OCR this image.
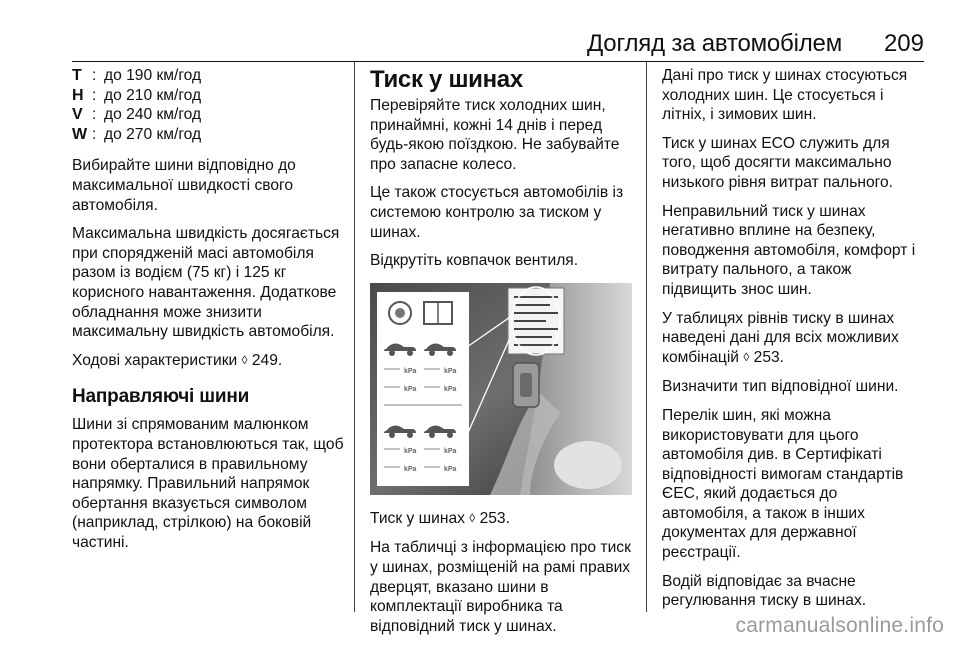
Догляд за автомобілем 209
T : до 190 км/год
H : до 210 км/год
V : до 240 км/год
W : до 270 км/год

Вибирайте шини відповідно до максимальної швидкості свого автомобіля.

Максимальна швидкість досягається при спорядженій масі автомобіля разом із водієм (75 кг) і 125 кг корисного навантаження. Додаткове обладнання може знизити максимальну швидкість автомобіля.

Ходові характеристики ◊ 249.

Направляючі шини

Шини зі спрямованим малюнком протектора встановлюються так, щоб вони оберталися в правильному напрямку. Правильний напрямок обертання вказується символом (наприклад, стрілкою) на боковій частині.

Тиск у шинах

Перевіряйте тиск холодних шин, принаймні, кожні 14 днів і перед будь-якою поїздкою. Не забувайте про запасне колесо.

Це також стосується автомобілів із системою контролю за тиском у шинах.

Відкрутіть ковпачок вентиля.

kPa	kPa
kPa	kPa
kPa	kPa
kPa	kPa

Тиск у шинах ◊ 253.

На табличці з інформацією про тиск у шинах, розміщеній на рамі правих дверцят, вказано шини в комплектації виробника та відповідний тиск у шинах.

Дані про тиск у шинах стосуються холодних шин. Це стосується і літніх, і зимових шин.

Тиск у шинах ECO служить для того, щоб досягти максимально низького рівня витрат пального.

Неправильний тиск у шинах негативно вплине на безпеку, поводження автомобіля, комфорт і витрату пального, а також підвищить знос шин.

У таблицях рівнів тиску в шинах наведені дані для всіх можливих комбінацій ◊ 253.

Визначити тип відповідної шини.

Перелік шин, які можна використовувати для цього автомобіля див. в Сертифікаті відповідності вимогам стандартів ЄЕС, який додається до автомобіля, а також в інших документах для державної реєстрації.

Водій відповідає за вчасне регулювання тиску в шинах.

carmanualsonline.info
